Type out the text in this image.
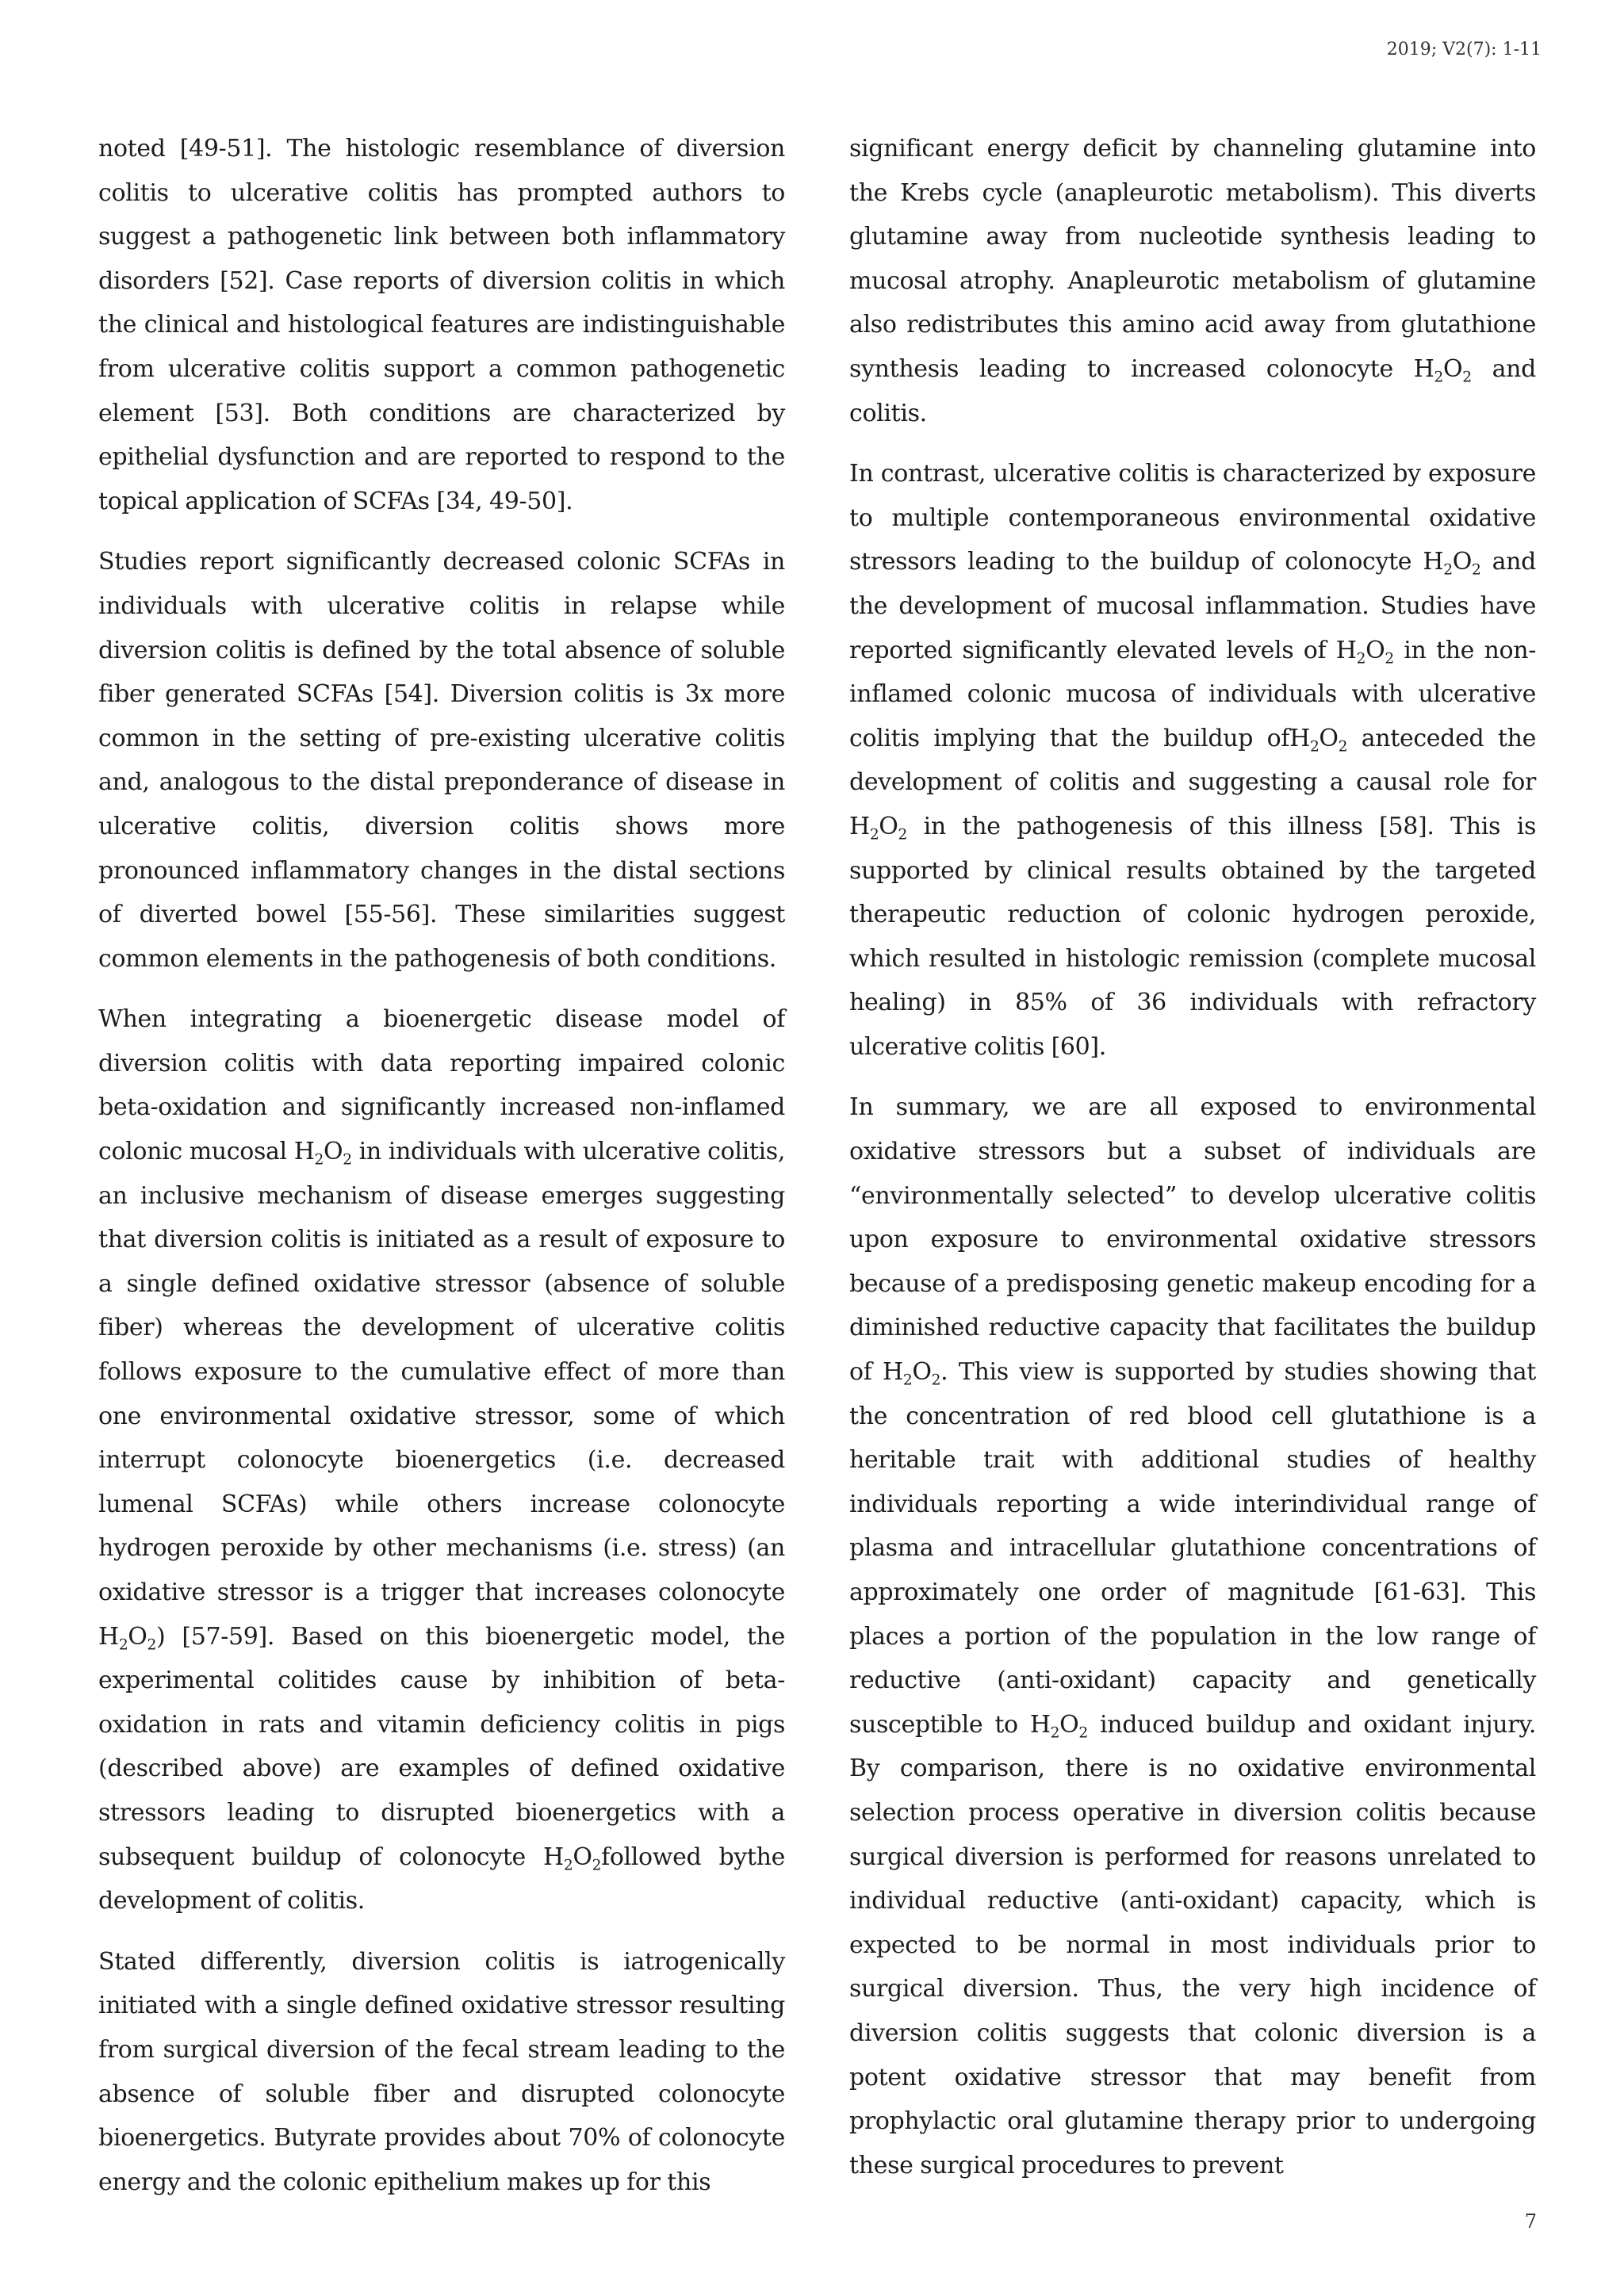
2019; V2(7): 1-11

noted [49-51]. The histologic resemblance of diversion colitis to ulcerative colitis has prompted authors to suggest a pathogenetic link between both inflammatory disorders [52]. Case reports of diversion colitis in which the clinical and histological features are indistinguishable from ulcerative colitis support a common pathogenetic element [53]. Both conditions are characterized by epithelial dysfunction and are reported to respond to the topical application of SCFAs [34, 49-50].

Studies report significantly decreased colonic SCFAs in individuals with ulcerative colitis in relapse while diversion colitis is defined by the total absence of soluble fiber generated SCFAs [54]. Diversion colitis is 3x more common in the setting of pre-existing ulcerative colitis and, analogous to the distal preponderance of disease in ulcerative colitis, diversion colitis shows more pronounced inflammatory changes in the distal sections of diverted bowel [55-56]. These similarities suggest common elements in the pathogenesis of both conditions.

When integrating a bioenergetic disease model of diversion colitis with data reporting impaired colonic beta-oxidation and significantly increased non-inflamed colonic mucosal $H_2O_2$ in individuals with ulcerative colitis, an inclusive mechanism of disease emerges suggesting that diversion colitis is initiated as a result of exposure to a single defined oxidative stressor (absence of soluble fiber) whereas the development of ulcerative colitis follows exposure to the cumulative effect of more than one environmental oxidative stressor, some of which interrupt colonocyte bioenergetics (i.e. decreased lumenal SCFAs) while others increase colonocyte hydrogen peroxide by other mechanisms (i.e. stress) (an oxidative stressor is a trigger that increases colonocyte $H_2O_2$) [57-59]. Based on this bioenergetic model, the experimental colitides cause by inhibition of beta-oxidation in rats and vitamin deficiency colitis in pigs (described above) are examples of defined oxidative stressors leading to disrupted bioenergetics with a subsequent buildup of colonocyte $H_2O_2followed$ bythe development of colitis.

Stated differently, diversion colitis is iatrogenically initiated with a single defined oxidative stressor resulting from surgical diversion of the fecal stream leading to the absence of soluble fiber and disrupted colonocyte bioenergetics. Butyrate provides about 70% of colonocyte energy and the colonic epithelium makes up for this

significant energy deficit by channeling glutamine into the Krebs cycle (anapleurotic metabolism). This diverts glutamine away from nucleotide synthesis leading to mucosal atrophy. Anapleurotic metabolism of glutamine also redistributes this amino acid away from glutathione synthesis leading to increased colonocyte $H_2O_2$ and colitis.

In contrast, ulcerative colitis is characterized by exposure to multiple contemporaneous environmental oxidative stressors leading to the buildup of colonocyte $H_2O_2$ and the development of mucosal inflammation. Studies have reported significantly elevated levels of $H_2O_2$ in the non-inflamed colonic mucosa of individuals with ulcerative colitis implying that the buildup $ofH_2O_2$ anteceded the development of colitis and suggesting a causal role for $H_2O_2$ in the pathogenesis of this illness [58]. This is supported by clinical results obtained by the targeted therapeutic reduction of colonic hydrogen peroxide, which resulted in histologic remission (complete mucosal healing) in 85% of 36 individuals with refractory ulcerative colitis [60].

In summary, we are all exposed to environmental oxidative stressors but a subset of individuals are “environmentally selected” to develop ulcerative colitis upon exposure to environmental oxidative stressors because of a predisposing genetic makeup encoding for a diminished reductive capacity that facilitates the buildup of $H_2O_2$. This view is supported by studies showing that the concentration of red blood cell glutathione is a heritable trait with additional studies of healthy individuals reporting a wide interindividual range of plasma and intracellular glutathione concentrations of approximately one order of magnitude [61-63]. This places a portion of the population in the low range of reductive (anti-oxidant) capacity and genetically susceptible to $H_2O_2$ induced buildup and oxidant injury. By comparison, there is no oxidative environmental selection process operative in diversion colitis because surgical diversion is performed for reasons unrelated to individual reductive (anti-oxidant) capacity, which is expected to be normal in most individuals prior to surgical diversion. Thus, the very high incidence of diversion colitis suggests that colonic diversion is a potent oxidative stressor that may benefit from prophylactic oral glutamine therapy prior to undergoing these surgical procedures to prevent

7
